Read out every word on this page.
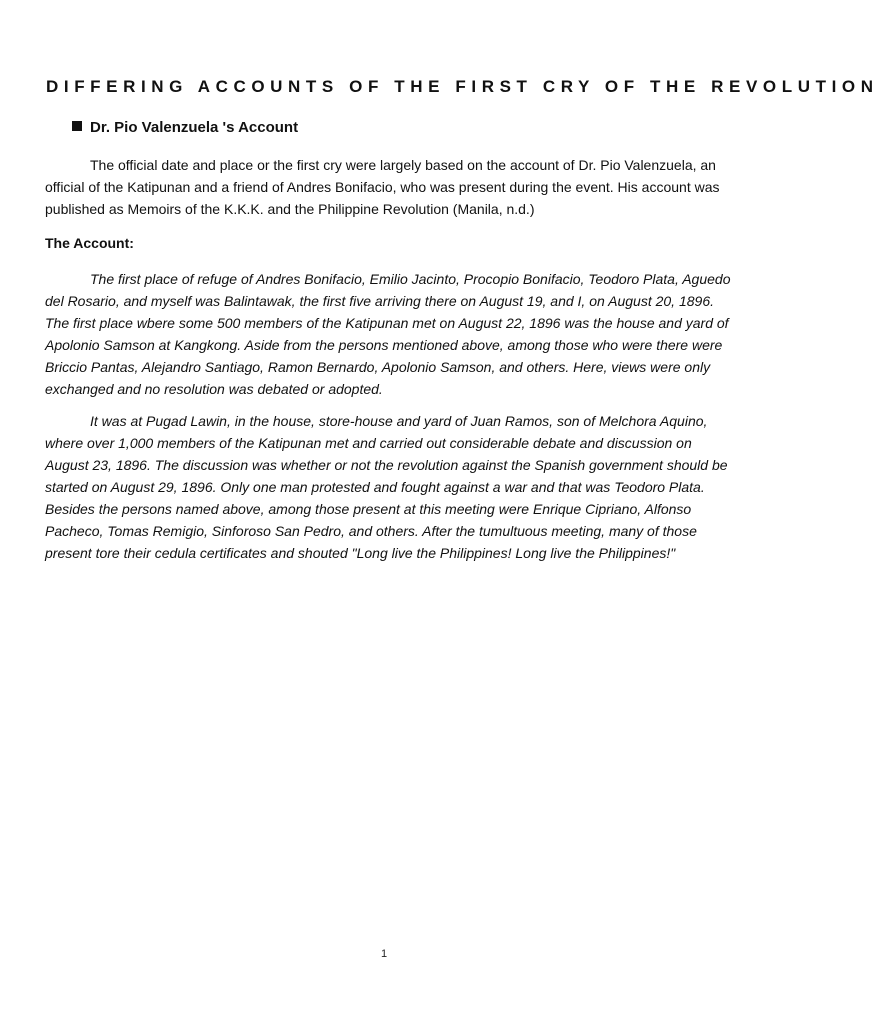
DIFFERING ACCOUNTS OF THE FIRST CRY OF THE REVOLUTION
Dr. Pio Valenzuela 's Account

The official date and place or the first cry were largely based on the account of Dr. Pio Valenzuela, an official of the Katipunan and a friend of Andres Bonifacio, who was present during the event. His account was published as Memoirs of the K.K.K. and the Philippine Revolution (Manila, n.d.)

The Account:

The first place of refuge of Andres Bonifacio, Emilio Jacinto, Procopio Bonifacio, Teodoro Plata, Aguedo del Rosario, and myself was Balintawak, the first five arriving there on August 19, and I, on August 20, 1896. The first place wbere some 500 members of the Katipunan met on August 22, 1896 was the house and yard of Apolonio Samson at Kangkong. Aside from the persons mentioned above, among those who were there were Briccio Pantas, Alejandro Santiago, Ramon Bernardo, Apolonio Samson, and others. Here, views were only exchanged and no resolution was debated or adopted.

It was at Pugad Lawin, in the house, store-house and yard of Juan Ramos, son of Melchora Aquino, where over 1,000 members of the Katipunan met and carried out considerable debate and discussion on August 23, 1896. The discussion was whether or not the revolution against the Spanish government should be started on August 29, 1896. Only one man protested and fought against a war and that was Teodoro Plata. Besides the persons named above, among those present at this meeting were Enrique Cipriano, Alfonso Pacheco, Tomas Remigio, Sinforoso San Pedro, and others. After the tumultuous meeting, many of those present tore their cedula certificates and shouted "Long live the Philippines! Long live the Philippines!"

1
